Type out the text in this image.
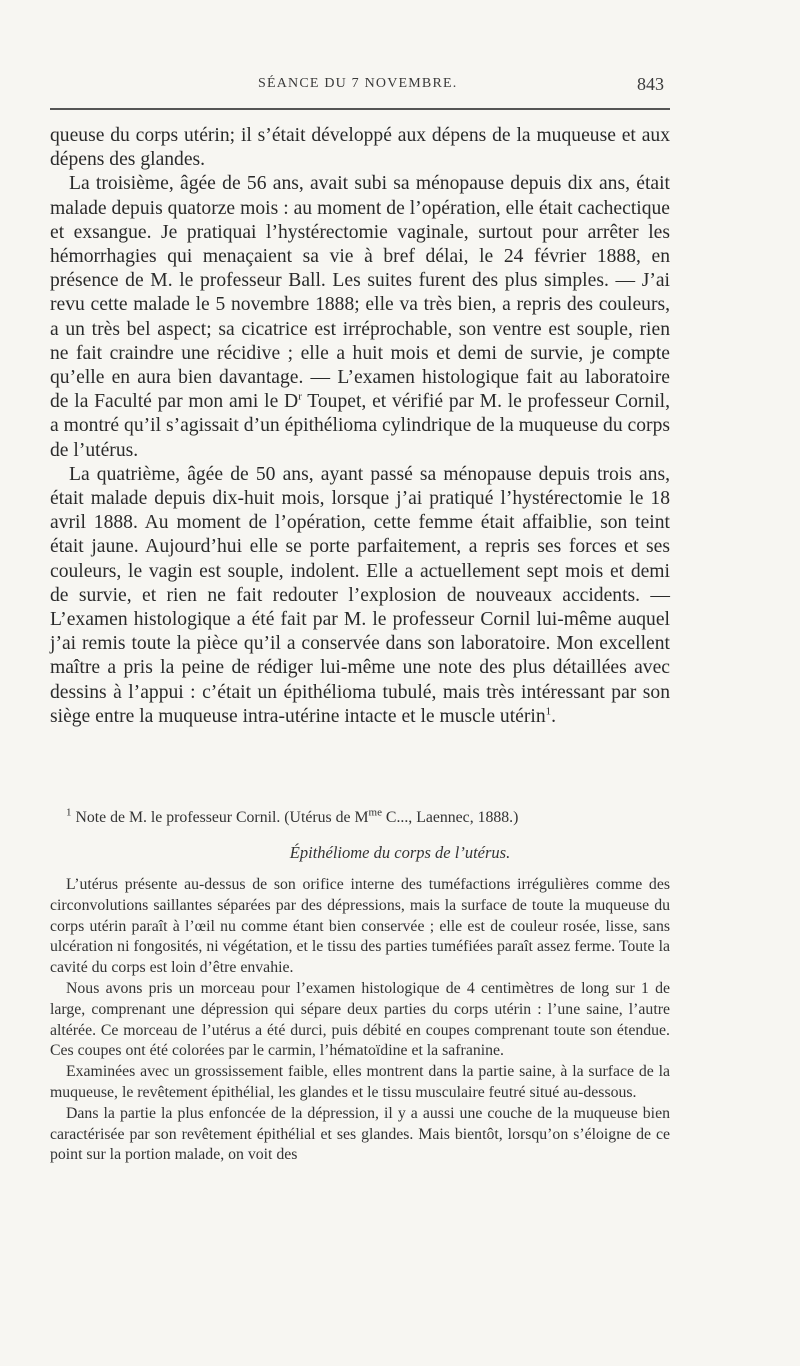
SÉANCE DU 7 NOVEMBRE.	843

queuse du corps utérin; il s’était développé aux dépens de la muqueuse et aux dépens des glandes.

La troisième, âgée de 56 ans, avait subi sa ménopause depuis dix ans, était malade depuis quatorze mois : au moment de l’opération, elle était cachectique et exsangue. Je pratiquai l’hystérectomie vaginale, surtout pour arrêter les hémorrhagies qui menaçaient sa vie à bref délai, le 24 février 1888, en présence de M. le professeur Ball. Les suites furent des plus simples. — J’ai revu cette malade le 5 novembre 1888; elle va très bien, a repris des couleurs, a un très bel aspect; sa cicatrice est irréprochable, son ventre est souple, rien ne fait craindre une récidive ; elle a huit mois et demi de survie, je compte qu’elle en aura bien davantage. — L’examen histologique fait au laboratoire de la Faculté par mon ami le $D^r$ Toupet, et vérifié par M. le professeur Cornil, a montré qu’il s’agissait d’un épithélioma cylindrique de la muqueuse du corps de l’utérus.

La quatrième, âgée de 50 ans, ayant passé sa ménopause depuis trois ans, était malade depuis dix-huit mois, lorsque j’ai pratiqué l’hystérectomie le 18 avril 1888. Au moment de l’opération, cette femme était affaiblie, son teint était jaune. Aujourd’hui elle se porte parfaitement, a repris ses forces et ses couleurs, le vagin est souple, indolent. Elle a actuellement sept mois et demi de survie, et rien ne fait redouter l’explosion de nouveaux accidents. — L’examen histologique a été fait par M. le professeur Cornil lui-même auquel j’ai remis toute la pièce qu’il a conservée dans son laboratoire. Mon excellent maître a pris la peine de rédiger lui-même une note des plus détaillées avec dessins à l’appui : c’était un épithélioma tubulé, mais très intéressant par son siège entre la muqueuse intra-utérine intacte et le muscle utérin$^1$.

$^1$ Note de M. le professeur Cornil. (Utérus de $M^{me}$ C..., Laennec, 1888.)
Épithéliome du corps de l’utérus.

L’utérus présente au-dessus de son orifice interne des tuméfactions irrégulières comme des circonvolutions saillantes séparées par des dépressions, mais la surface de toute la muqueuse du corps utérin paraît à l’œil nu comme étant bien conservée ; elle est de couleur rosée, lisse, sans ulcération ni fongosités, ni végétation, et le tissu des parties tuméfiées paraît assez ferme. Toute la cavité du corps est loin d’être envahie.

Nous avons pris un morceau pour l’examen histologique de 4 centimètres de long sur 1 de large, comprenant une dépression qui sépare deux parties du corps utérin : l’une saine, l’autre altérée. Ce morceau de l’utérus a été durci, puis débité en coupes comprenant toute son étendue. Ces coupes ont été colorées par le carmin, l’hématoïdine et la safranine.

Examinées avec un grossissement faible, elles montrent dans la partie saine, à la surface de la muqueuse, le revêtement épithélial, les glandes et le tissu musculaire feutré situé au-dessous.

Dans la partie la plus enfoncée de la dépression, il y a aussi une couche de la muqueuse bien caractérisée par son revêtement épithélial et ses glandes. Mais bientôt, lorsqu’on s’éloigne de ce point sur la portion malade, on voit des
